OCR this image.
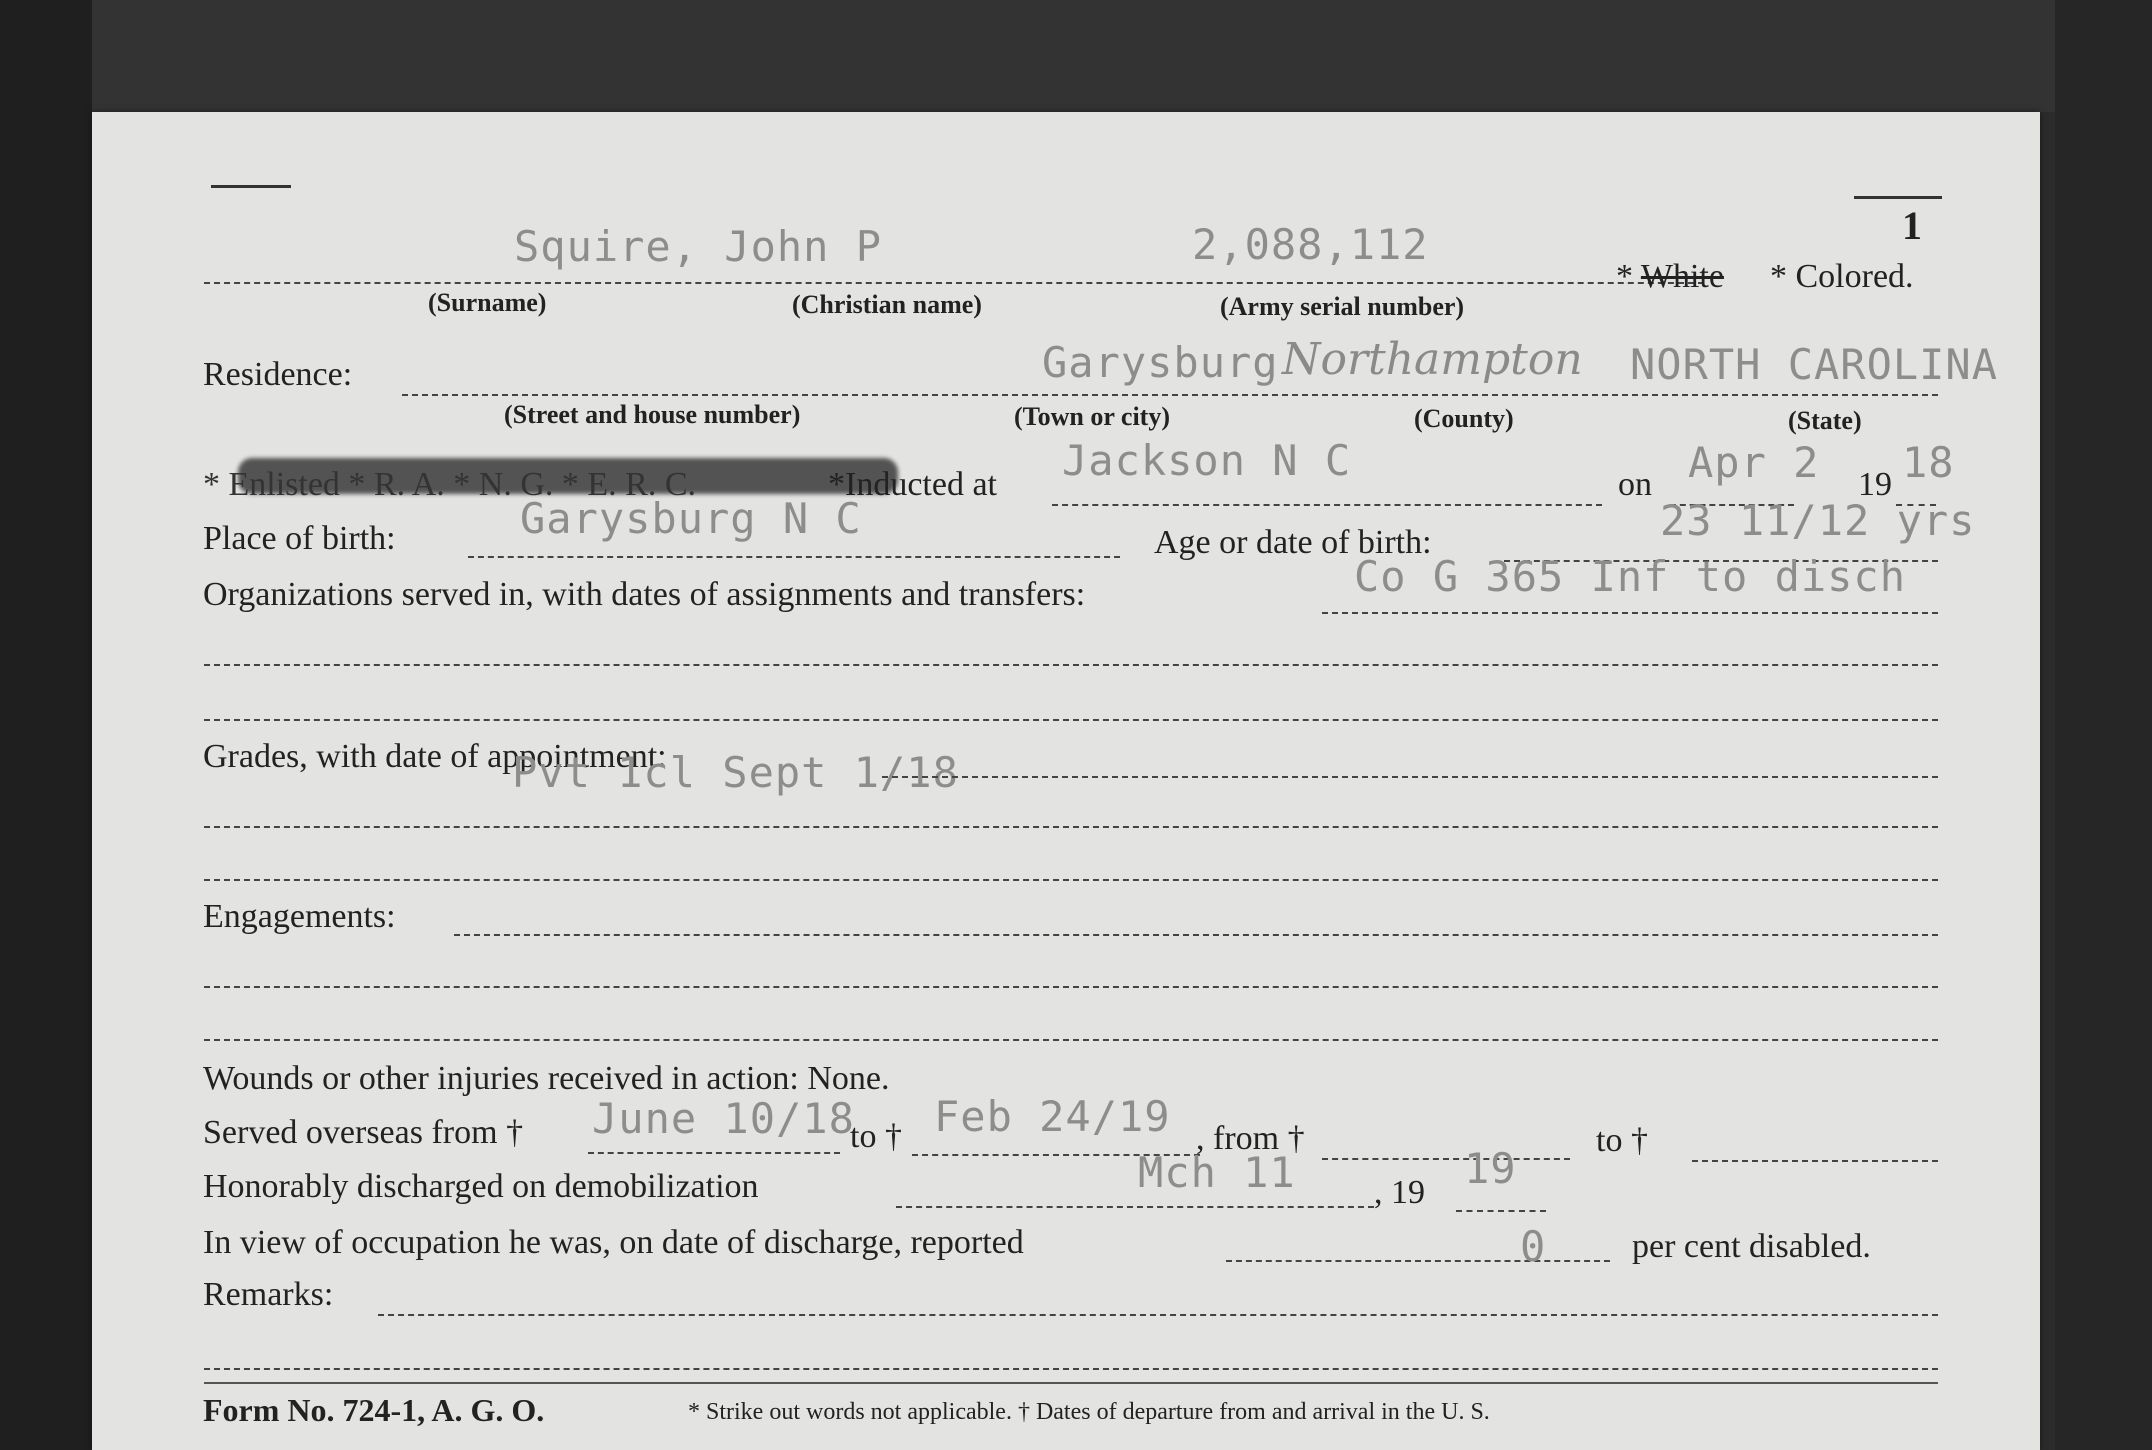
1
Squire, John P	2,088,112
* White * Colored.
(Surname)	(Christian name)	(Army serial number)
Residence:	Garysburg Northampton NORTH CAROLINA
(Street and house number)	(Town or city)	(County)	(State)
* Enlisted * R. A. * N. G. * E. R. C.	*Inducted at Jackson N C	on Apr 2 19 18
Place of birth:	Garysburg N C	Age or date of birth:	23 11/12 yrs
Organizations served in, with dates of assignments and transfers:	Co G 365 Inf to disch
Grades, with date of appointment:
Pvt 1cl Sept 1/18
Engagements:
Wounds or other injuries received in action: None.
Served overseas from † June 10/18
to † Feb 24/19 , from †	to †
Honorably discharged on demobilization	Mch 11 , 19 19
In view of occupation he was, on date of discharge, reported	0	per cent disabled.
Remarks:
Form No. 724-1, A. G. O.	* Strike out words not applicable. † Dates of departure from and arrival in the U. S.
